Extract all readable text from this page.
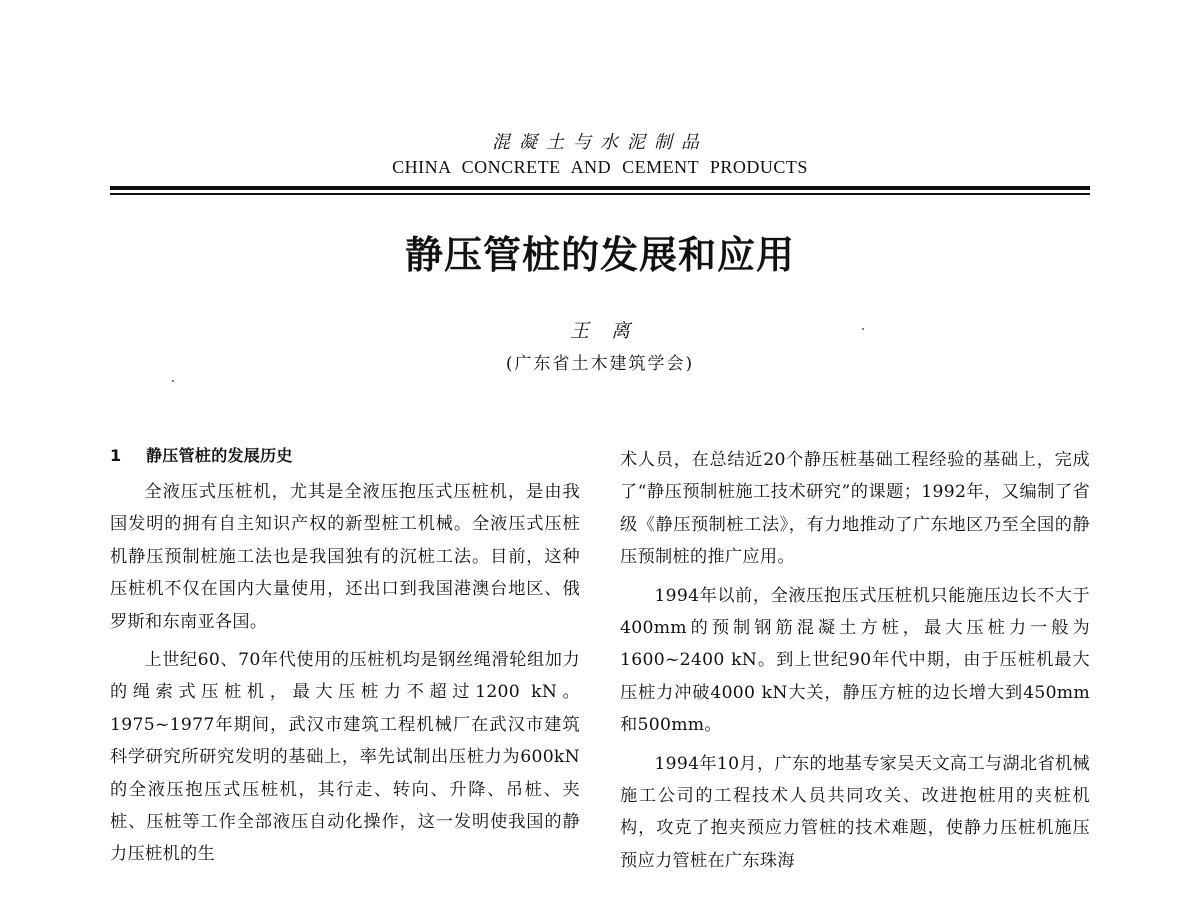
混凝土与水泥制品
CHINA CONCRETE AND CEMENT PRODUCTS
静压管桩的发展和应用
王离
(广东省土木建筑学会)
1 静压管桩的发展历史

全液压式压桩机，尤其是全液压抱压式压桩机，是由我国发明的拥有自主知识产权的新型桩工机械。全液压式压桩机静压预制桩施工法也是我国独有的沉桩工法。目前，这种压桩机不仅在国内大量使用，还出口到我国港澳台地区、俄罗斯和东南亚各国。

上世纪60、70年代使用的压桩机均是钢丝绳滑轮组加力的绳索式压桩机，最大压桩力不超过1200 kN。1975~1977年期间，武汉市建筑工程机械厂在武汉市建筑科学研究所研究发明的基础上，率先试制出压桩力为600kN的全液压抱压式压桩机，其行走、转向、升降、吊桩、夹桩、压桩等工作全部液压自动化操作，这一发明使我国的静力压桩机的生

术人员，在总结近20个静压桩基础工程经验的基础上，完成了“静压预制桩施工技术研究”的课题；1992年，又编制了省级《静压预制桩工法》，有力地推动了广东地区乃至全国的静压预制桩的推广应用。

1994年以前，全液压抱压式压桩机只能施压边长不大于400mm的预制钢筋混凝土方桩，最大压桩力一般为1600~2400 kN。到上世纪90年代中期，由于压桩机最大压桩力冲破4000 kN大关，静压方桩的边长增大到450mm和500mm。

1994年10月，广东的地基专家吴天文高工与湖北省机械施工公司的工程技术人员共同攻关、改进抱桩用的夹桩机构，攻克了抱夹预应力管桩的技术难题，使静力压桩机施压预应力管桩在广东珠海
